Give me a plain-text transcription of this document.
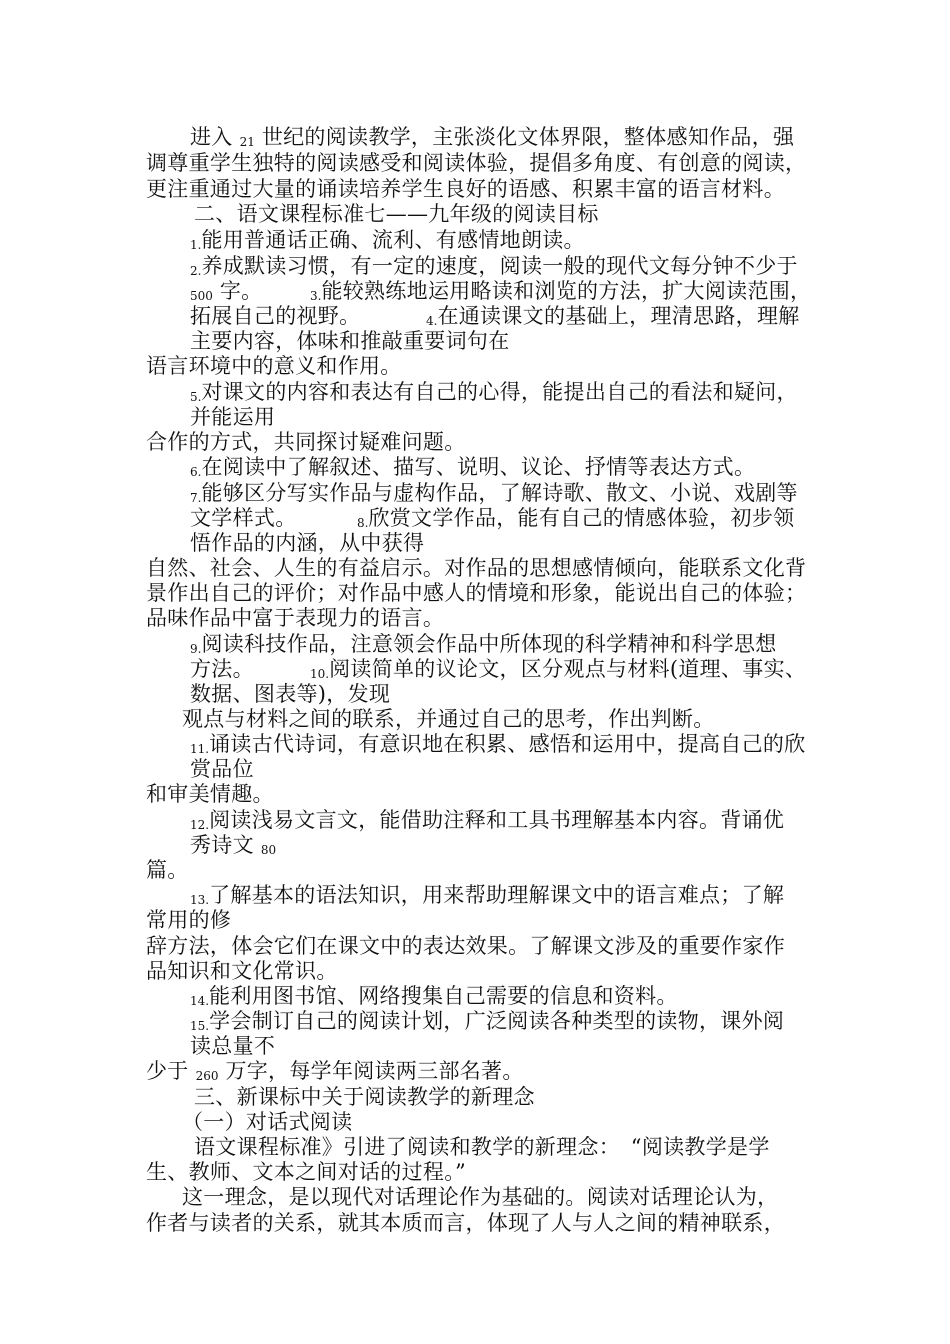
进入 21 世纪的阅读教学，主张淡化文体界限，整体感知作品，强
调尊重学生独特的阅读感受和阅读体验，提倡多角度、有创意的阅读，
更注重通过大量的诵读培养学生良好的语感、积累丰富的语言材料。
二、语文课程标准七——九年级的阅读目标
1.能用普通话正确、流利、有感情地朗读。
2.养成默读习惯，有一定的速度，阅读一般的现代文每分钟不少于
500 字。	3.能较熟练地运用略读和浏览的方法，扩大阅读范围，
拓展自己的视野。	4.在通读课文的基础上，理清思路，理解
主要内容，体味和推敲重要词句在
语言环境中的意义和作用。
5.对课文的内容和表达有自己的心得，能提出自己的看法和疑问，
并能运用
合作的方式，共同探讨疑难问题。
6.在阅读中了解叙述、描写、说明、议论、抒情等表达方式。
7.能够区分写实作品与虚构作品，了解诗歌、散文、小说、戏剧等
文学样式。	8.欣赏文学作品，能有自己的情感体验，初步领
悟作品的内涵，从中获得
自然、社会、人生的有益启示。对作品的思想感情倾向，能联系文化背
景作出自己的评价；对作品中感人的情境和形象，能说出自己的体验；
品味作品中富于表现力的语言。
9.阅读科技作品，注意领会作品中所体现的科学精神和科学思想
方法。	10.阅读简单的议论文，区分观点与材料(道理、事实、
数据、图表等)，发现
观点与材料之间的联系，并通过自己的思考，作出判断。
11.诵读古代诗词，有意识地在积累、感悟和运用中，提高自己的欣
赏品位
和审美情趣。
12.阅读浅易文言文，能借助注释和工具书理解基本内容。背诵优
秀诗文 80
篇。
13.了解基本的语法知识，用来帮助理解课文中的语言难点；了解
常用的修
辞方法，体会它们在课文中的表达效果。了解课文涉及的重要作家作
品知识和文化常识。
14.能利用图书馆、网络搜集自己需要的信息和资料。
15.学会制订自己的阅读计划，广泛阅读各种类型的读物，课外阅
读总量不
少于 260 万字，每学年阅读两三部名著。
三、新课标中关于阅读教学的新理念
（一）对话式阅读
语文课程标准》引进了阅读和教学的新理念：　“阅读教学是学
生、教师、文本之间对话的过程。”
这一理念，是以现代对话理论作为基础的。阅读对话理论认为，
作者与读者的关系，就其本质而言，体现了人与人之间的精神联系，
